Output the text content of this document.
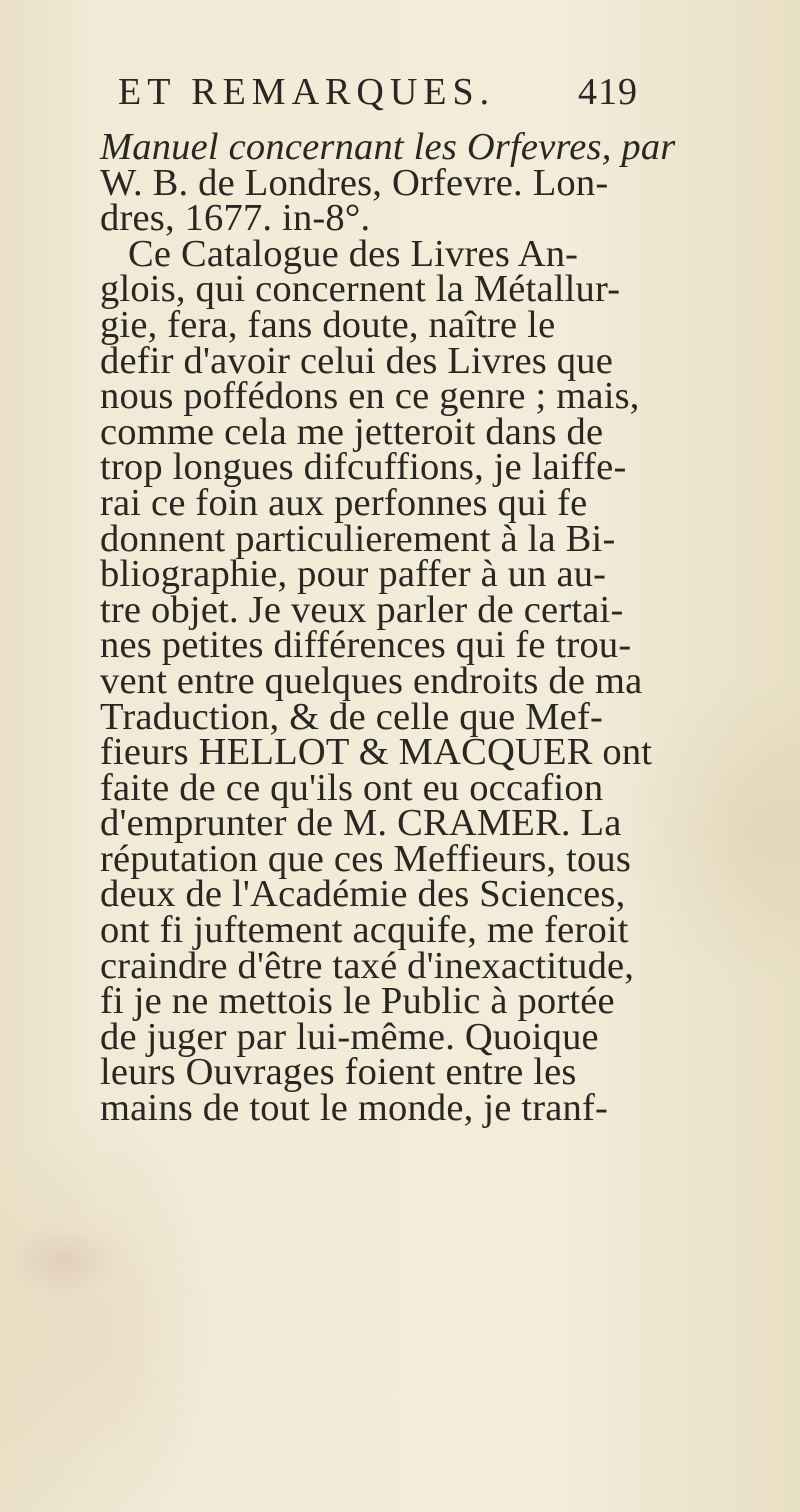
ET REMARQUES. 419
Manuel concernant les Orfevres, par
W. B. de Londres, Orfevre. Lon-
dres, 1677. in-8°.
Ce Catalogue des Livres An-
glois, qui concernent la Métallur-
gie, fera, fans doute, naître le
defir d'avoir celui des Livres que
nous poffédons en ce genre ; mais,
comme cela me jetteroit dans de
trop longues difcuffions, je laiffe-
rai ce foin aux perfonnes qui fe
donnent particulierement à la Bi-
bliographie, pour paffer à un au-
tre objet. Je veux parler de certai-
nes petites différences qui fe trou-
vent entre quelques endroits de ma
Traduction, & de celle que Mef-
fieurs HELLOT & MACQUER ont
faite de ce qu'ils ont eu occafion
d'emprunter de M. CRAMER. La
réputation que ces Meffieurs, tous
deux de l'Académie des Sciences,
ont fi juftement acquife, me feroit
craindre d'être taxé d'inexactitude,
fi je ne mettois le Public à portée
de juger par lui-même. Quoique
leurs Ouvrages foient entre les
mains de tout le monde, je tranf-
